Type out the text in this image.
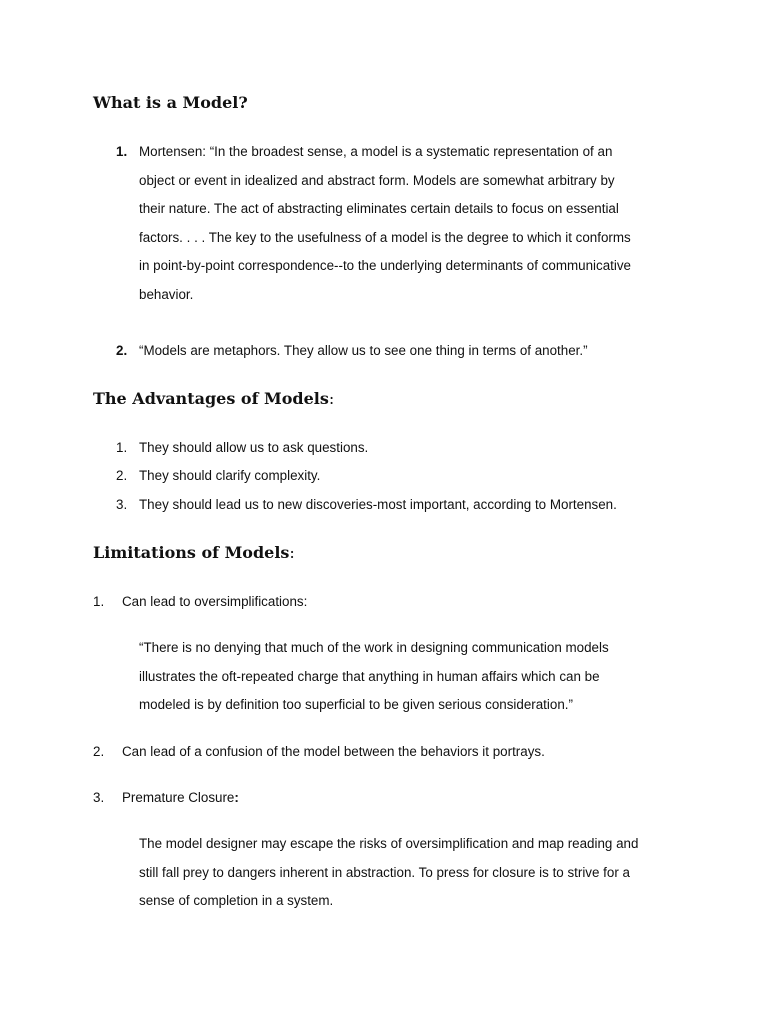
What is a Model?
1. Mortensen: “In the broadest sense, a model is a systematic representation of an
object or event in idealized and abstract form. Models are somewhat arbitrary by
their nature. The act of abstracting eliminates certain details to focus on essential
factors. . . . The key to the usefulness of a model is the degree to which it conforms
in point-by-point correspondence--to the underlying determinants of communicative
behavior.
2. “Models are metaphors. They allow us to see one thing in terms of another.”
The Advantages of Models:
1. They should allow us to ask questions.
2. They should clarify complexity.
3. They should lead us to new discoveries-most important, according to Mortensen.
Limitations of Models:
1. Can lead to oversimplifications:
“There is no denying that much of the work in designing communication models
illustrates the oft-repeated charge that anything in human affairs which can be
modeled is by definition too superficial to be given serious consideration.”
2. Can lead of a confusion of the model between the behaviors it portrays.
3. Premature Closure:
The model designer may escape the risks of oversimplification and map reading and
still fall prey to dangers inherent in abstraction. To press for closure is to strive for a
sense of completion in a system.
